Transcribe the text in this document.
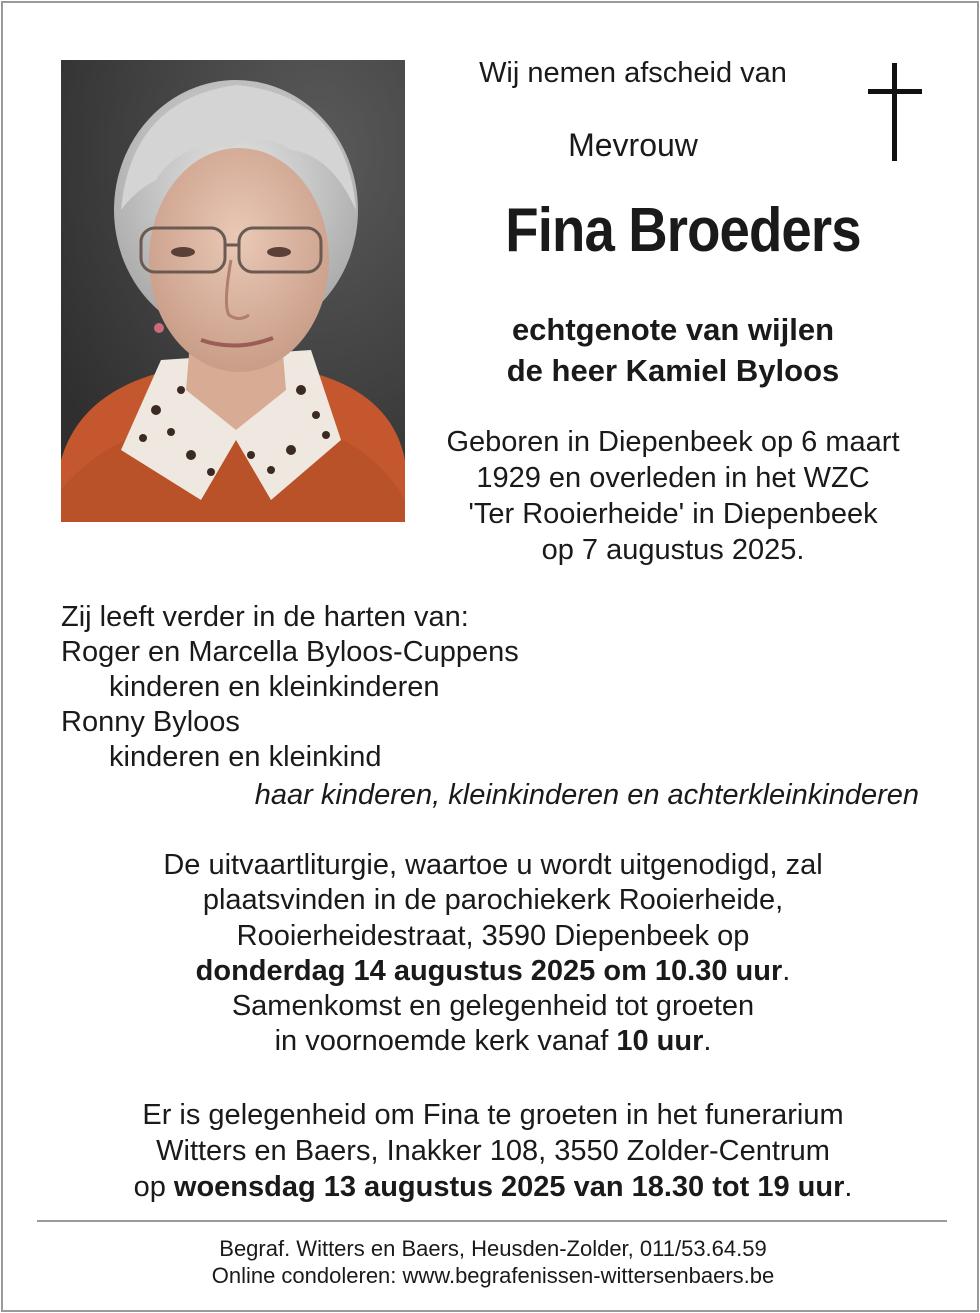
Wij nemen afscheid van
Mevrouw
Fina Broeders
echtgenote van wijlen
de heer Kamiel Byloos
Geboren in Diepenbeek op 6 maart
1929 en overleden in het WZC
'Ter Rooierheide' in Diepenbeek
op 7 augustus 2025.
Zij leeft verder in de harten van:
Roger en Marcella Byloos-Cuppens
kinderen en kleinkinderen
Ronny Byloos
kinderen en kleinkind
haar kinderen, kleinkinderen en achterkleinkinderen
De uitvaartliturgie, waartoe u wordt uitgenodigd, zal
plaatsvinden in de parochiekerk Rooierheide,
Rooierheidestraat, 3590 Diepenbeek op
donderdag 14 augustus 2025 om 10.30 uur.
Samenkomst en gelegenheid tot groeten
in voornoemde kerk vanaf 10 uur.
Er is gelegenheid om Fina te groeten in het funerarium
Witters en Baers, Inakker 108, 3550 Zolder-Centrum
op woensdag 13 augustus 2025 van 18.30 tot 19 uur.
Begraf. Witters en Baers, Heusden-Zolder, 011/53.64.59
Online condoleren: www.begrafenissen-wittersenbaers.be
